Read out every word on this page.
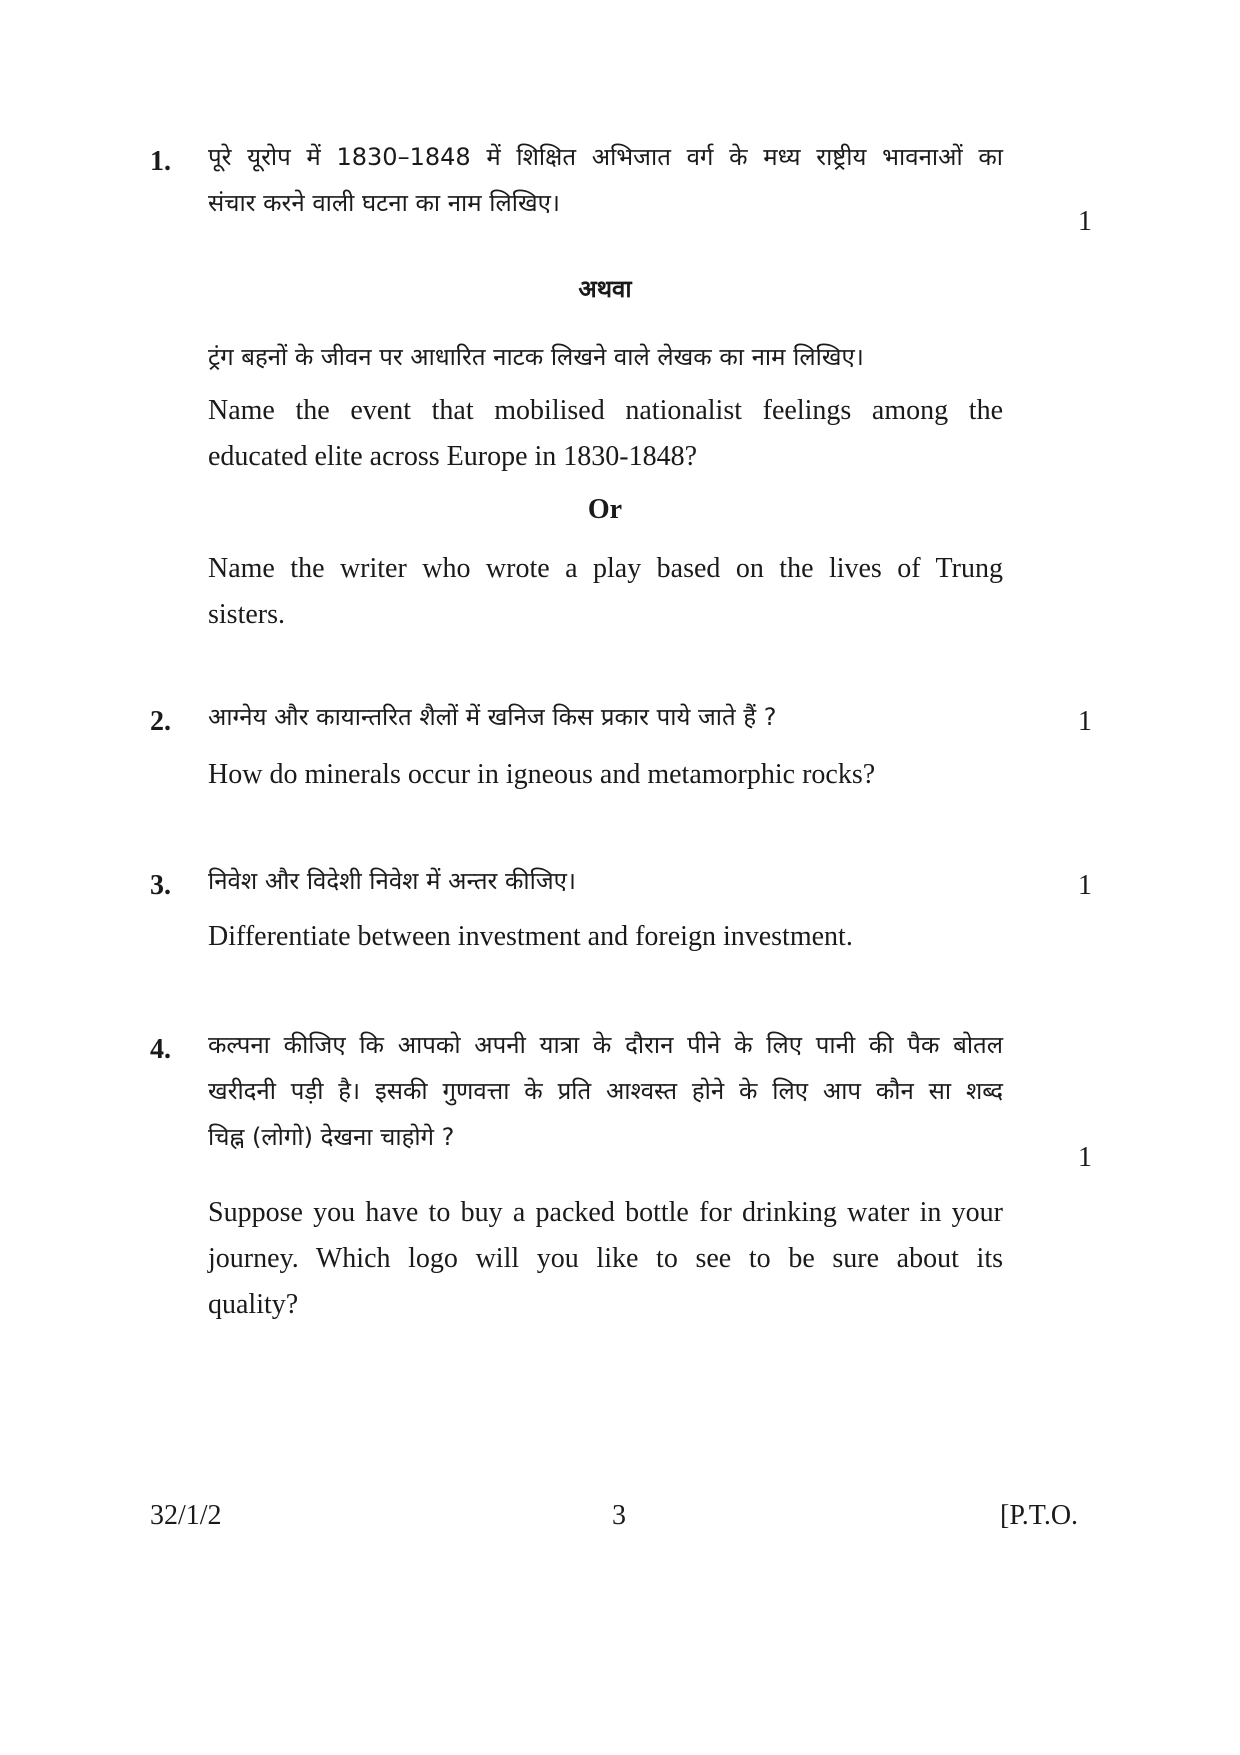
1. पूरे यूरोप में 1830–1848 में शिक्षित अभिजात वर्ग के मध्य राष्ट्रीय भावनाओं का
संचार करने वाली घटना का नाम लिखिए।
1
अथवा
ट्रंग बहनों के जीवन पर आधारित नाटक लिखने वाले लेखक का नाम लिखिए।
Name the event that mobilised nationalist feelings among the
educated elite across Europe in 1830-1848?
Or
Name the writer who wrote a play based on the lives of Trung
sisters.
2. आग्नेय और कायान्तरित शैलों में खनिज किस प्रकार पाये जाते हैं ?	1
How do minerals occur in igneous and metamorphic rocks?
3. निवेश और विदेशी निवेश में अन्तर कीजिए।	1
Differentiate between investment and foreign investment.
4. कल्पना कीजिए कि आपको अपनी यात्रा के दौरान पीने के लिए पानी की पैक बोतल
खरीदनी पड़ी है। इसकी गुणवत्ता के प्रति आश्वस्त होने के लिए आप कौन सा शब्द
चिह्न (लोगो) देखना चाहोगे ?
1
Suppose you have to buy a packed bottle for drinking water in your
journey. Which logo will you like to see to be sure about its
quality?
32/1/2	3	[P.T.O.
